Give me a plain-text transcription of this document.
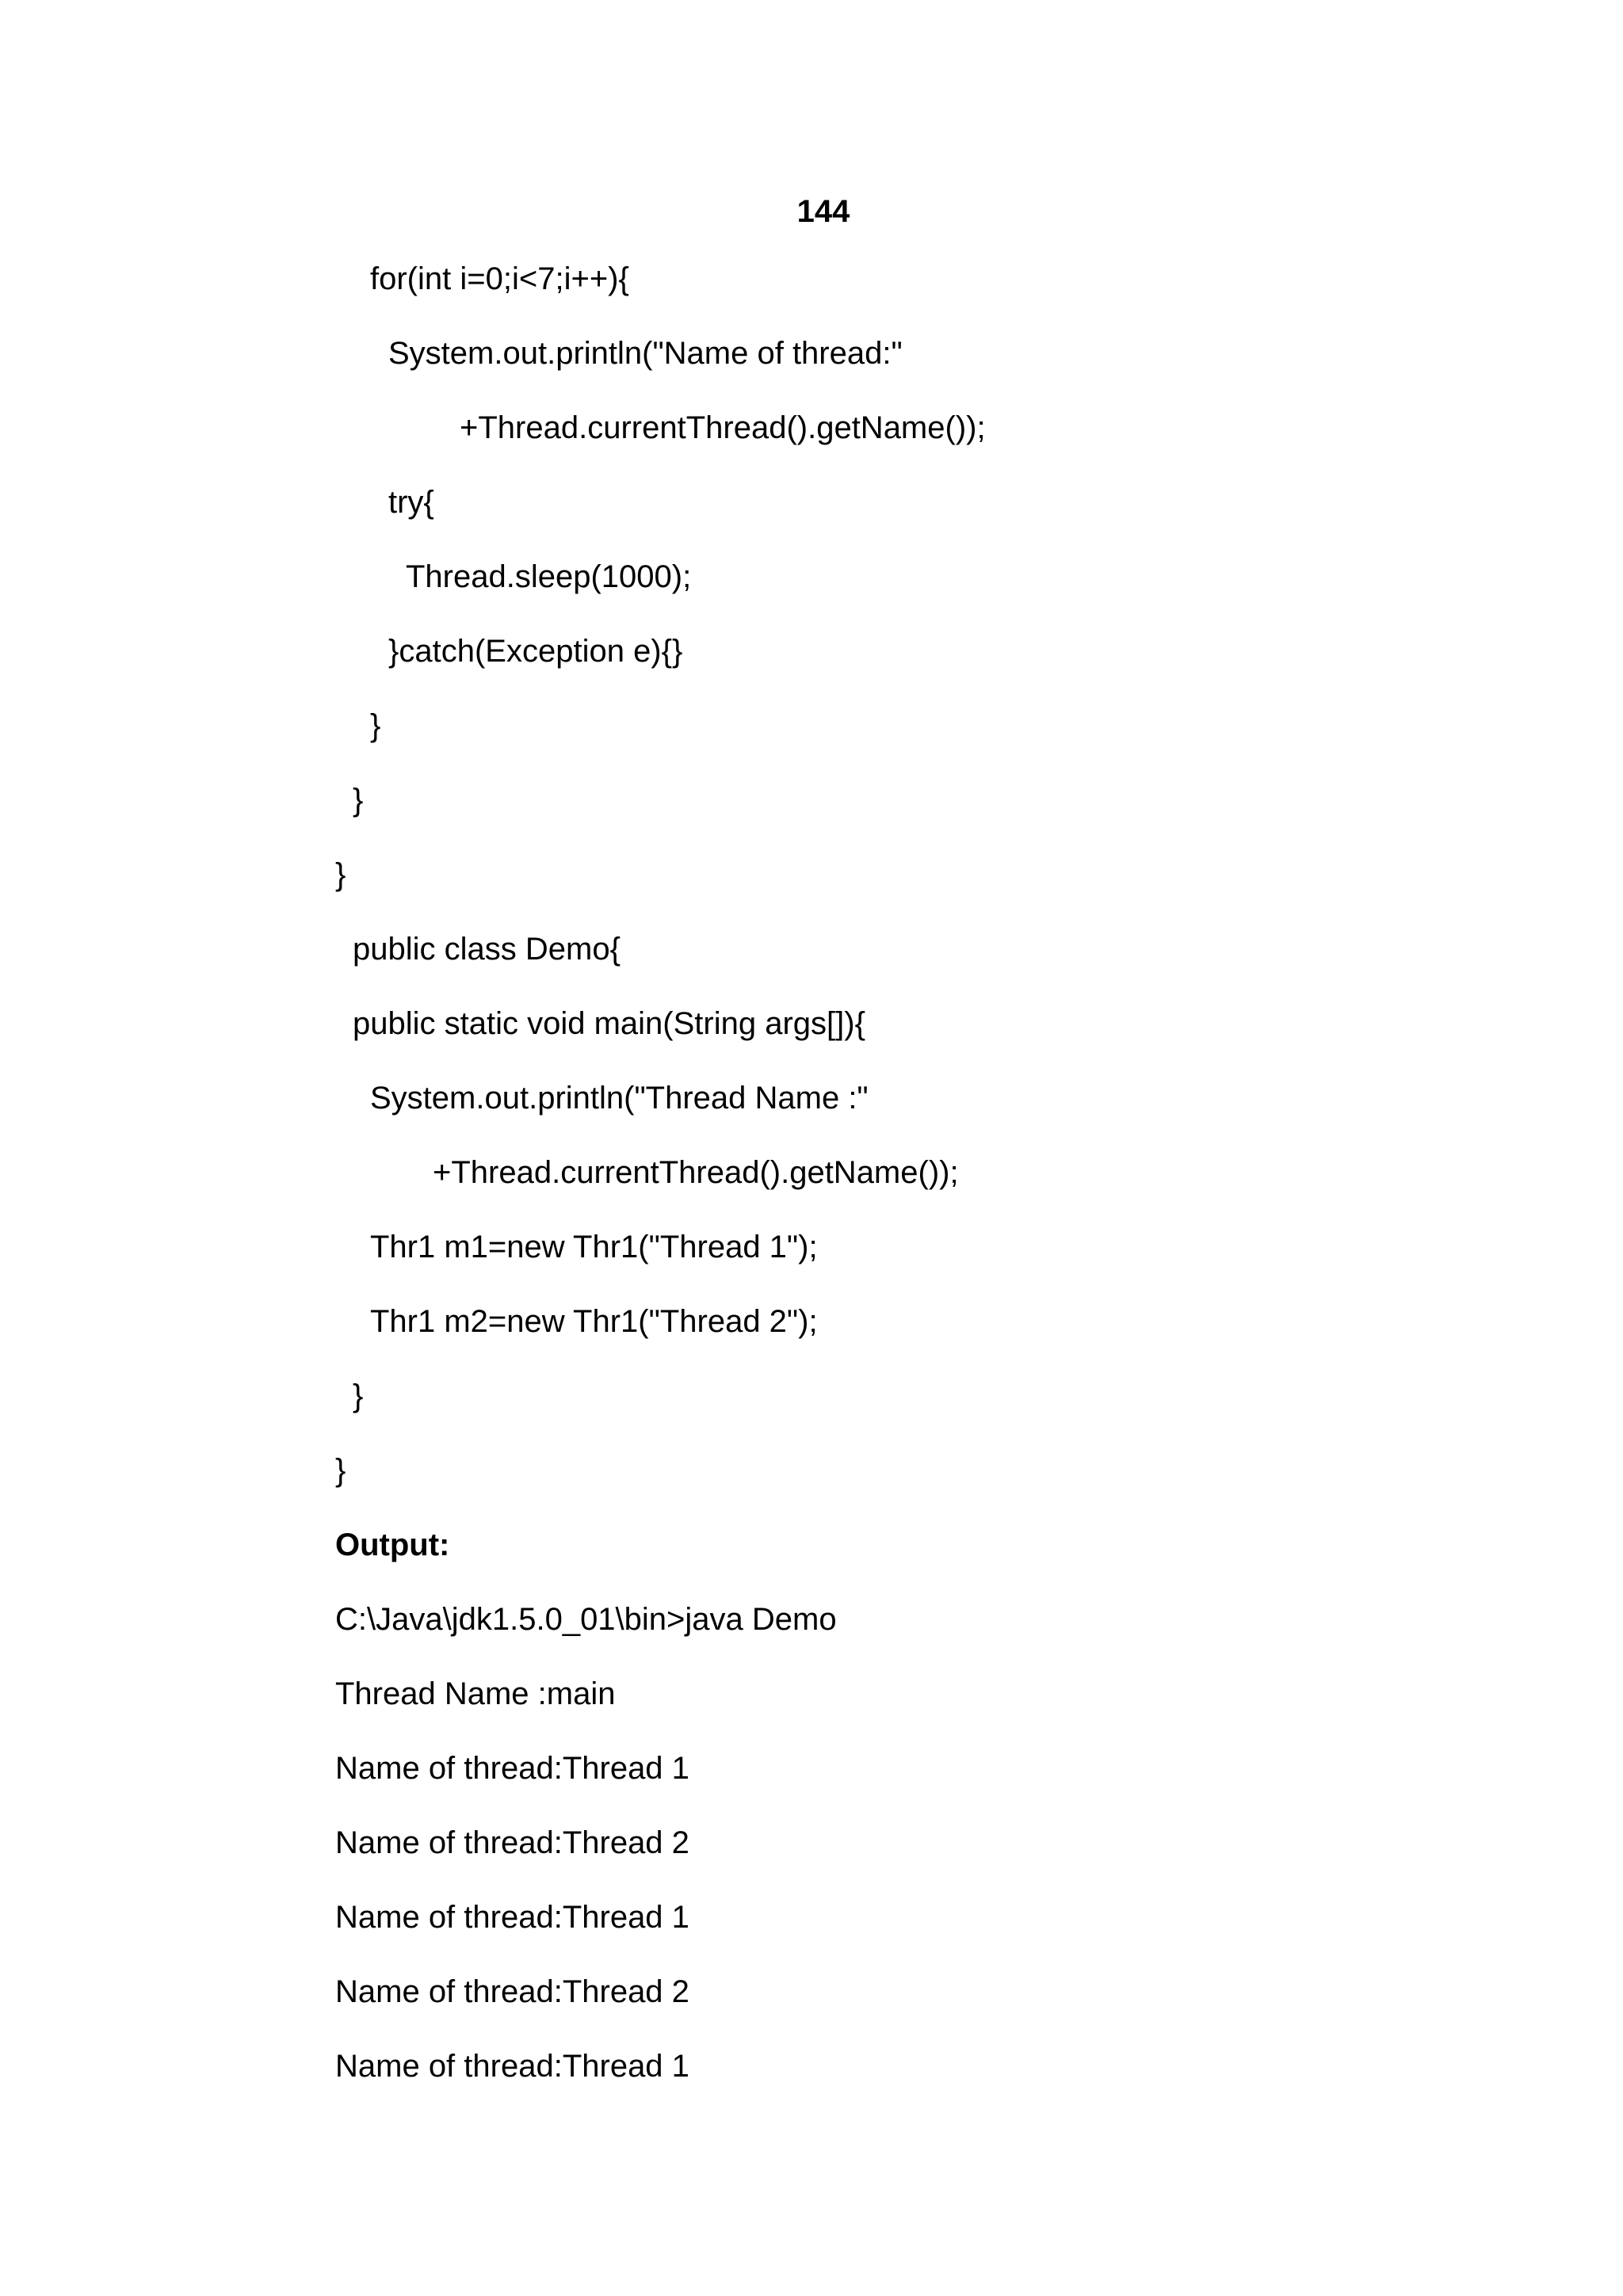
144
for(int i=0;i<7;i++){
System.out.println("Name of thread:"
+Thread.currentThread().getName());
try{
Thread.sleep(1000);
}catch(Exception e){}
}
}
}
public class Demo{
public static void main(String args[]){
System.out.println("Thread Name :"
+Thread.currentThread().getName());
Thr1 m1=new Thr1("Thread 1");
Thr1 m2=new Thr1("Thread 2");
}
}
Output:
C:\Java\jdk1.5.0_01\bin>java Demo
Thread Name :main
Name of thread:Thread 1
Name of thread:Thread 2
Name of thread:Thread 1
Name of thread:Thread 2
Name of thread:Thread 1
